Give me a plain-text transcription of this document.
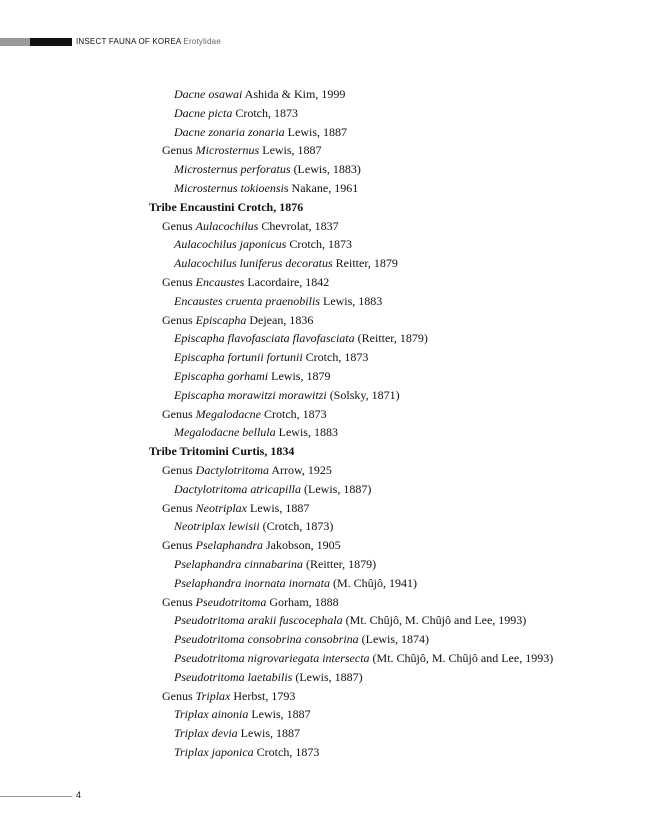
INSECT FAUNA OF KOREA Erotylidae
Dacne osawai Ashida & Kim, 1999
Dacne picta Crotch, 1873
Dacne zonaria zonaria Lewis, 1887
Genus Microsternus Lewis, 1887
Microsternus perforatus (Lewis, 1883)
Microsternus tokioensis Nakane, 1961
Tribe Encaustini Crotch, 1876
Genus Aulacochilus Chevrolat, 1837
Aulacochilus japonicus Crotch, 1873
Aulacochilus luniferus decoratus Reitter, 1879
Genus Encaustes Lacordaire, 1842
Encaustes cruenta praenobilis Lewis, 1883
Genus Episcapha Dejean, 1836
Episcapha flavofasciata flavofasciata (Reitter, 1879)
Episcapha fortunii fortunii Crotch, 1873
Episcapha gorhami Lewis, 1879
Episcapha morawitzi morawitzi (Solsky, 1871)
Genus Megalodacne Crotch, 1873
Megalodacne bellula Lewis, 1883
Tribe Tritomini Curtis, 1834
Genus Dactylotritoma Arrow, 1925
Dactylotritoma atricapilla (Lewis, 1887)
Genus Neotriplax Lewis, 1887
Neotriplax lewisii (Crotch, 1873)
Genus Pselaphandra Jakobson, 1905
Pselaphandra cinnabarina (Reitter, 1879)
Pselaphandra inornata inornata (M. Chûjô, 1941)
Genus Pseudotritoma Gorham, 1888
Pseudotritoma arakii fuscocephala (Mt. Chûjô, M. Chûjô and Lee, 1993)
Pseudotritoma consobrina consobrina (Lewis, 1874)
Pseudotritoma nigrovariegata intersecta (Mt. Chûjô, M. Chûjô and Lee, 1993)
Pseudotritoma laetabilis (Lewis, 1887)
Genus Triplax Herbst, 1793
Triplax ainonia Lewis, 1887
Triplax devia Lewis, 1887
Triplax japonica Crotch, 1873
4
